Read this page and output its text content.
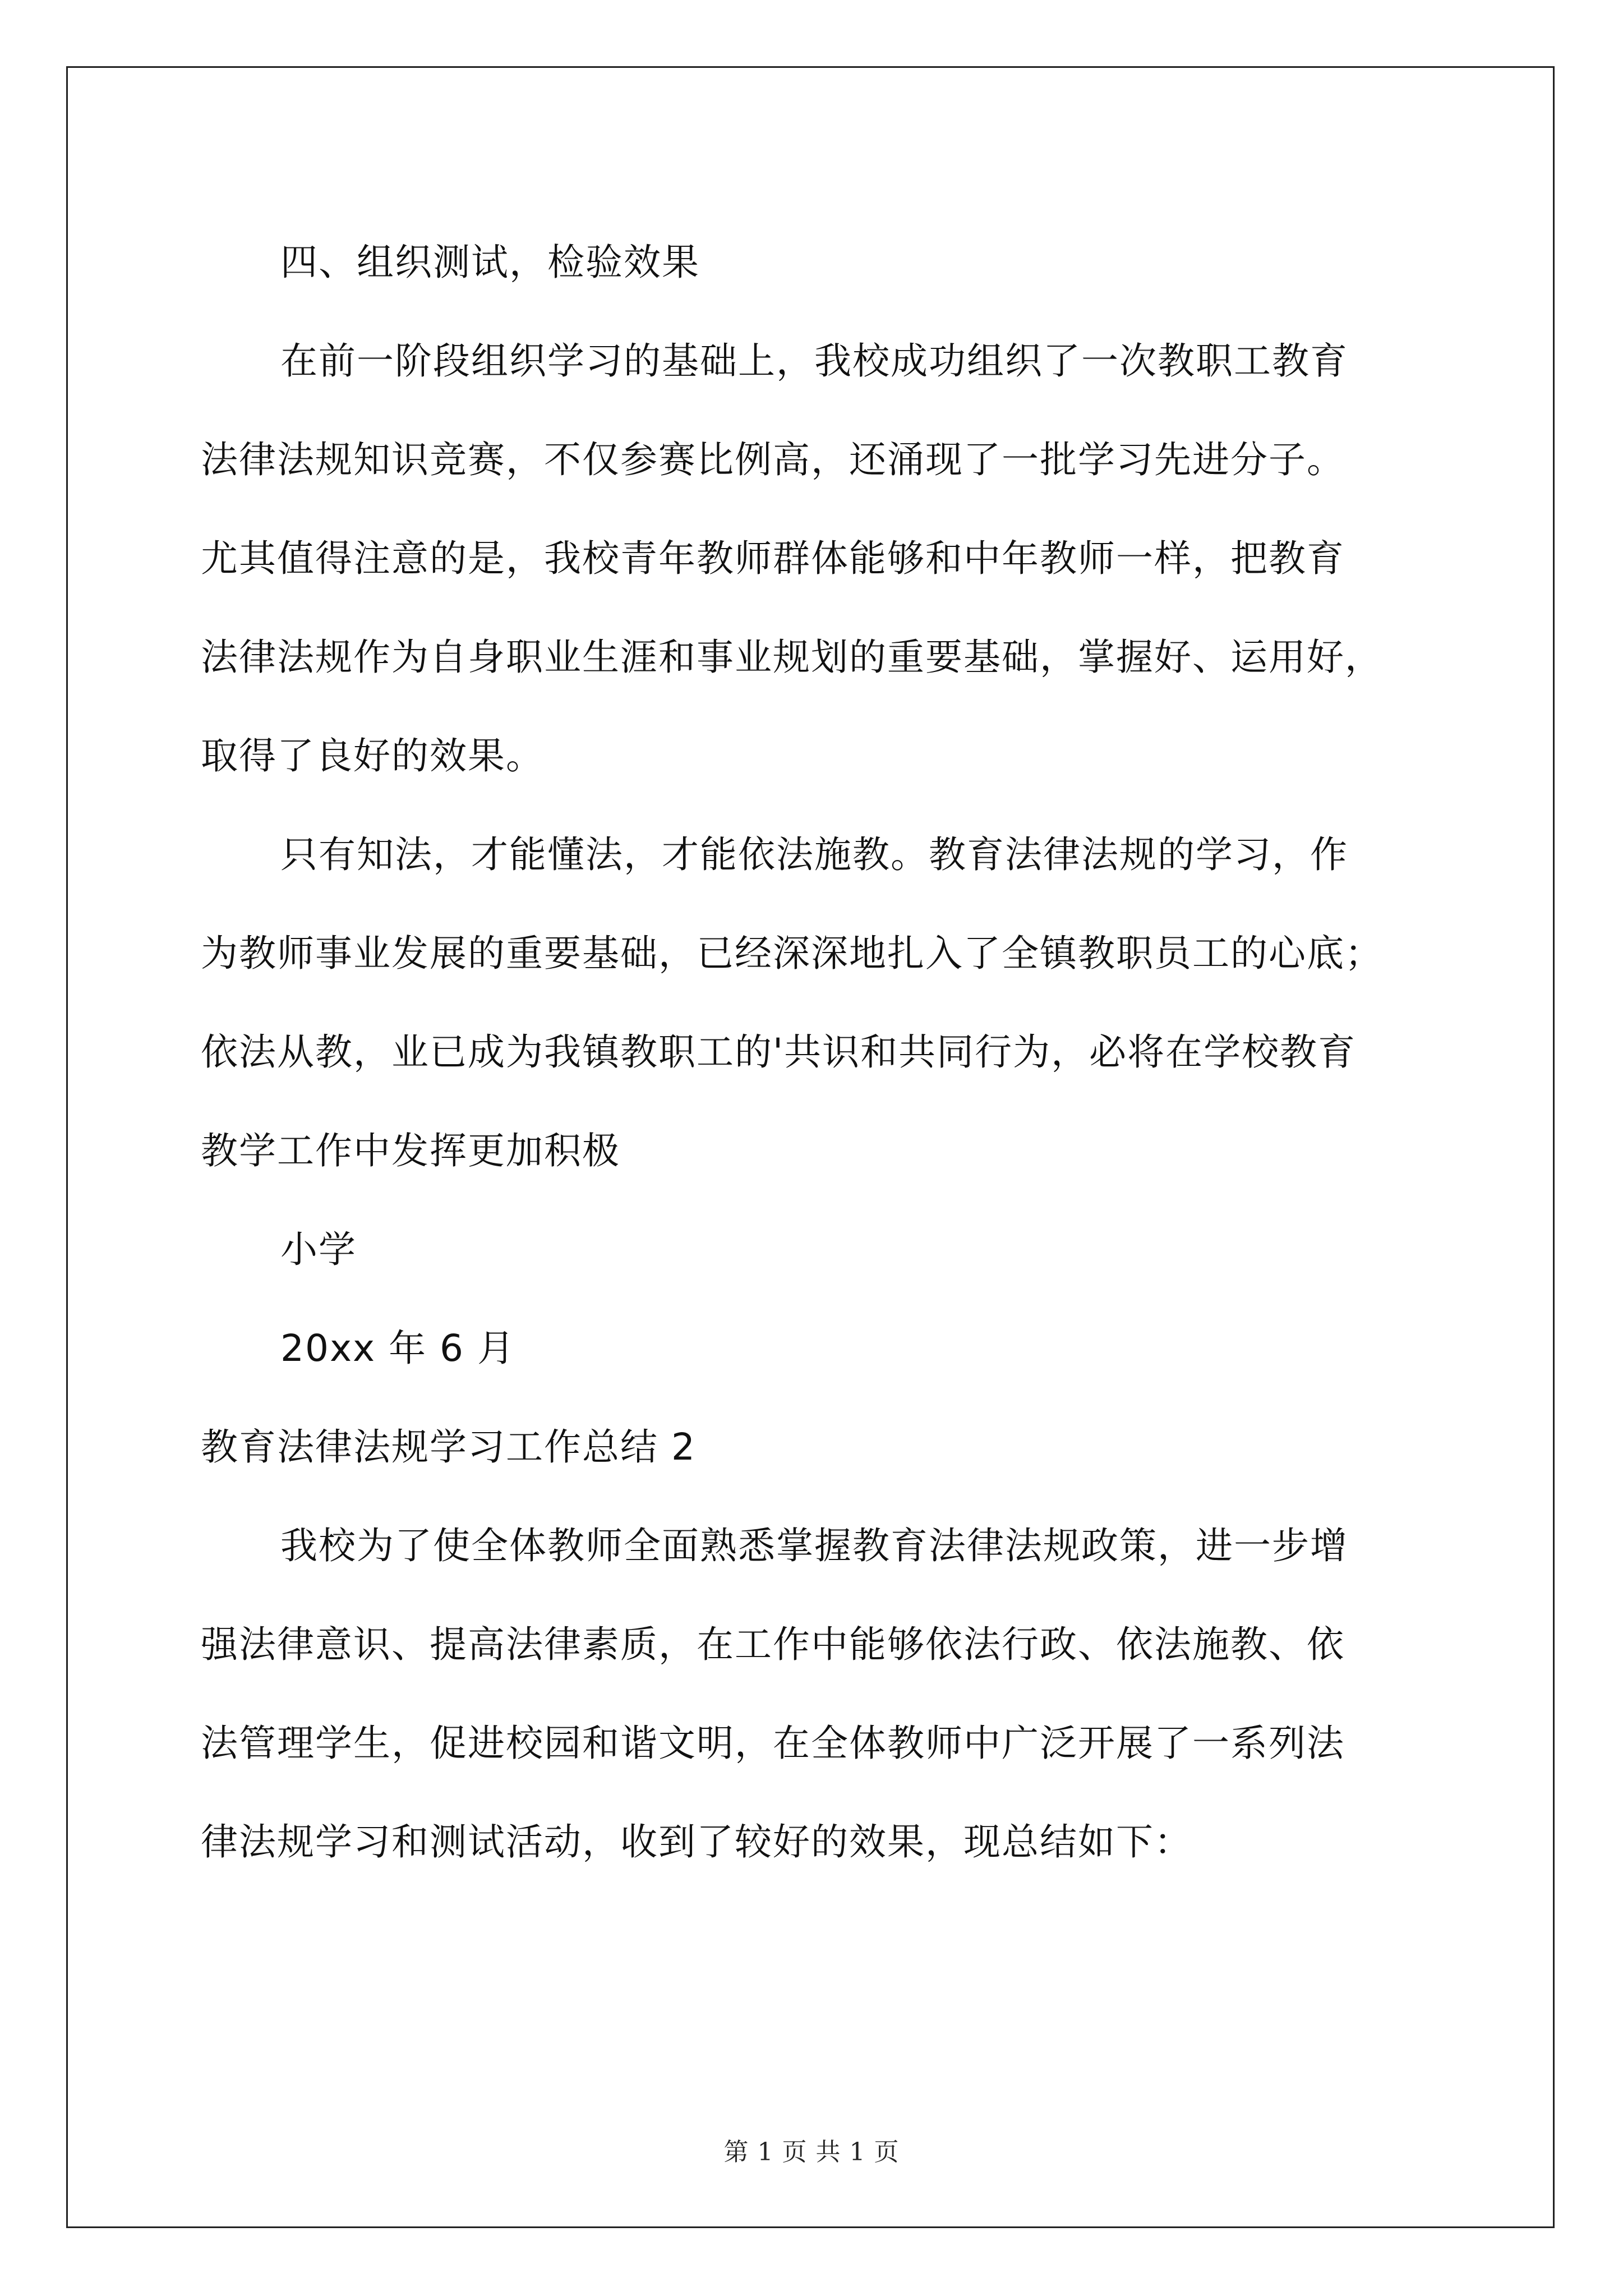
四、组织测试，检验效果
在前一阶段组织学习的基础上，我校成功组织了一次教职工教育
法律法规知识竞赛，不仅参赛比例高，还涌现了一批学习先进分子。
尤其值得注意的是，我校青年教师群体能够和中年教师一样，把教育
法律法规作为自身职业生涯和事业规划的重要基础，掌握好、运用好，
取得了良好的效果。
只有知法，才能懂法，才能依法施教。教育法律法规的学习，作
为教师事业发展的重要基础，已经深深地扎入了全镇教职员工的心底；
依法从教，业已成为我镇教职工的'共识和共同行为，必将在学校教育
教学工作中发挥更加积极
小学
20xx 年 6 月
教育法律法规学习工作总结 2
我校为了使全体教师全面熟悉掌握教育法律法规政策，进一步增
强法律意识、提高法律素质，在工作中能够依法行政、依法施教、依
法管理学生，促进校园和谐文明，在全体教师中广泛开展了一系列法
律法规学习和测试活动，收到了较好的效果，现总结如下：
第 1 页 共 1 页
